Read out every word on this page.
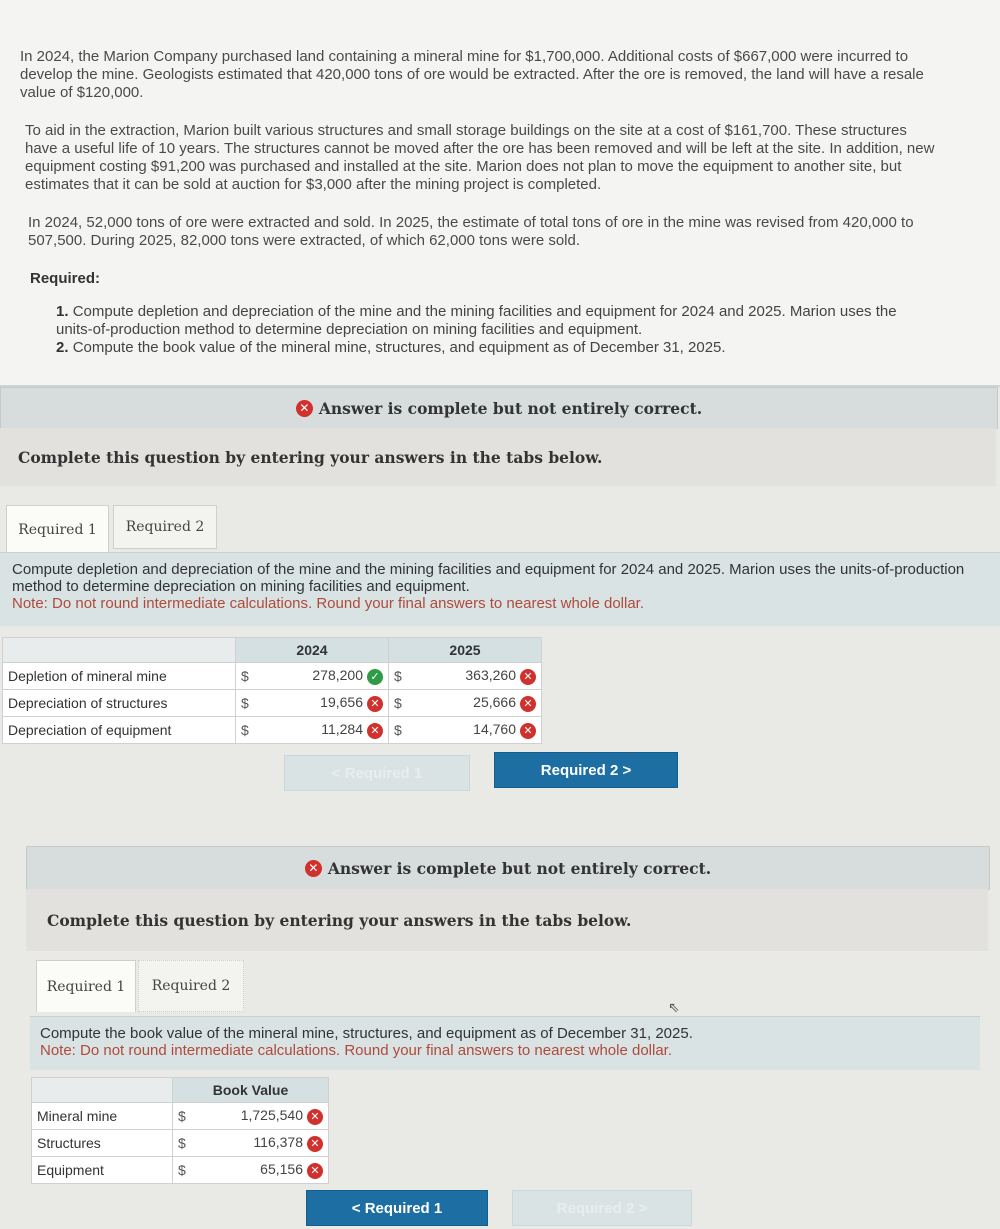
In 2024, the Marion Company purchased land containing a mineral mine for $1,700,000. Additional costs of $667,000 were incurred to develop the mine. Geologists estimated that 420,000 tons of ore would be extracted. After the ore is removed, the land will have a resale value of $120,000.

To aid in the extraction, Marion built various structures and small storage buildings on the site at a cost of $161,700. These structures have a useful life of 10 years. The structures cannot be moved after the ore has been removed and will be left at the site. In addition, new equipment costing $91,200 was purchased and installed at the site. Marion does not plan to move the equipment to another site, but estimates that it can be sold at auction for $3,000 after the mining project is completed.

In 2024, 52,000 tons of ore were extracted and sold. In 2025, the estimate of total tons of ore in the mine was revised from 420,000 to 507,500. During 2025, 82,000 tons were extracted, of which 62,000 tons were sold.

Required:
1. Compute depletion and depreciation of the mine and the mining facilities and equipment for 2024 and 2025. Marion uses the units-of-production method to determine depreciation on mining facilities and equipment.
2. Compute the book value of the mineral mine, structures, and equipment as of December 31, 2025.
✕ Answer is complete but not entirely correct.
Complete this question by entering your answers in the tabs below.
Required 1	Required 2
Compute depletion and depreciation of the mine and the mining facilities and equipment for 2024 and 2025. Marion uses the units-of-production method to determine depreciation on mining facilities and equipment.
Note: Do not round intermediate calculations. Round your final answers to nearest whole dollar.
	2024		2025	
Depletion of mineral mine	$	278,200 ✓	$	363,260 ✕
Depreciation of structures	$	19,656 ✕	$	25,666 ✕
Depreciation of equipment	$	11,284 ✕	$	14,760 ✕
< Required 1	Required 2 >
✕ Answer is complete but not entirely correct.
Complete this question by entering your answers in the tabs below.
Required 1	Required 2
⇖
Compute the book value of the mineral mine, structures, and equipment as of December 31, 2025.
Note: Do not round intermediate calculations. Round your final answers to nearest whole dollar.
	Book Value	
Mineral mine	$	1,725,540 ✕
Structures	$	116,378 ✕
Equipment	$	65,156 ✕
< Required 1	Required 2 >
